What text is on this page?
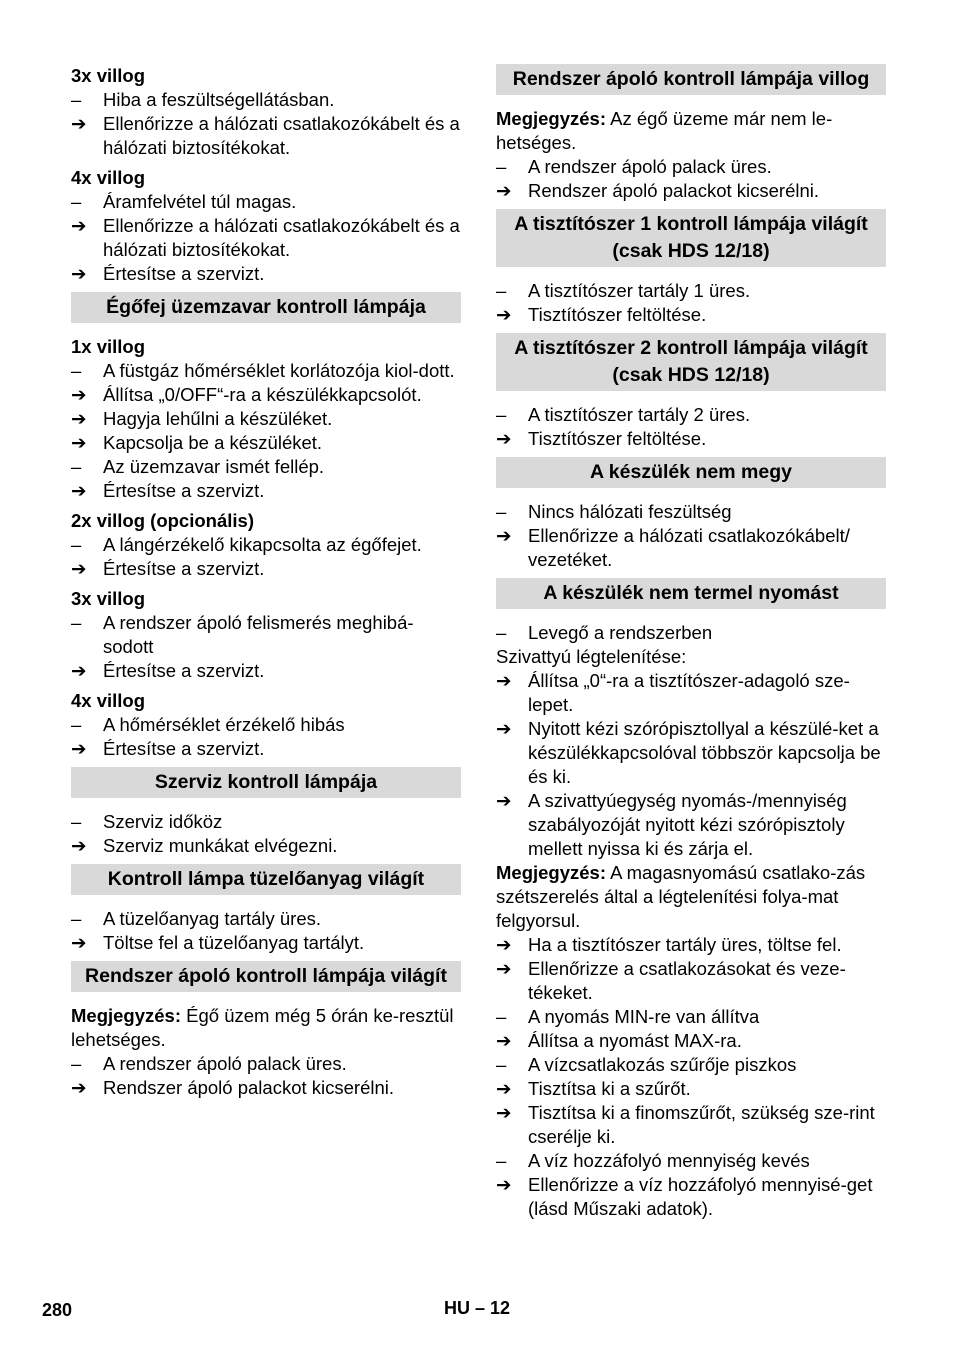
3x villog
–	Hiba a feszültségellátásban.
➔ Ellenőrizze a hálózati csatlakozókábelt és a hálózati biztosítékokat.
4x villog
–	Áramfelvétel túl magas.
➔ Ellenőrizze a hálózati csatlakozókábelt és a hálózati biztosítékokat.
➔ Értesítse a szervizt.
Égőfej üzemzavar kontroll lámpája
1x villog
–	A füstgáz hőmérséklet korlátozója kiol-dott.
➔ Állítsa „0/OFF“-ra a készülékkapcsolót.
➔ Hagyja lehűlni a készüléket.
➔ Kapcsolja be a készüléket.
–	Az üzemzavar ismét fellép.
➔ Értesítse a szervizt.
2x villog (opcionális)
–	A lángérzékelő kikapcsolta az égőfejet.
➔ Értesítse a szervizt.
3x villog
–	A rendszer ápoló felismerés meghibá-sodott
➔ Értesítse a szervizt.
4x villog
–	A hőmérséklet érzékelő hibás
➔ Értesítse a szervizt.
Szerviz kontroll lámpája
–	Szerviz időköz
➔ Szerviz munkákat elvégezni.
Kontroll lámpa tüzelőanyag világít
–	A tüzelőanyag tartály üres.
➔ Töltse fel a tüzelőanyag tartályt.
Rendszer ápoló kontroll lámpája világít
Megjegyzés: Égő üzem még 5 órán ke-resztül lehetséges.
–	A rendszer ápoló palack üres.
➔ Rendszer ápoló palackot kicserélni.
Rendszer ápoló kontroll lámpája villog
Megjegyzés: Az égő üzeme már nem le-hetséges.
–	A rendszer ápoló palack üres.
➔ Rendszer ápoló palackot kicserélni.
A tisztítószer 1 kontroll lámpája világít (csak HDS 12/18)
–	A tisztítószer tartály 1 üres.
➔ Tisztítószer feltöltése.
A tisztítószer 2 kontroll lámpája világít (csak HDS 12/18)
–	A tisztítószer tartály 2 üres.
➔ Tisztítószer feltöltése.
A készülék nem megy
–	Nincs hálózati feszültség
➔ Ellenőrizze a hálózati csatlakozókábelt/ vezetéket.
A készülék nem termel nyomást
–	Levegő a rendszerben
Szivattyú légtelenítése:
➔ Állítsa „0“-ra a tisztítószer-adagoló sze-lepet.
➔ Nyitott kézi szórópisztollyal a készülé-ket a készülékkapcsolóval többször kapcsolja be és ki.
➔ A szivattyúegység nyomás-/mennyiség szabályozóját nyitott kézi szórópisztoly mellett nyissa ki és zárja el.
Megjegyzés: A magasnyomású csatlako-zás szétszerelés által a légtelenítési folya-mat felgyorsul.
➔ Ha a tisztítószer tartály üres, töltse fel.
➔ Ellenőrizze a csatlakozásokat és veze-tékeket.
–	A nyomás MIN-re van állítva
➔ Állítsa a nyomást MAX-ra.
–	A vízcsatlakozás szűrője piszkos
➔ Tisztítsa ki a szűrőt.
➔ Tisztítsa ki a finomszűrőt, szükség sze-rint cserélje ki.
–	A víz hozzáfolyó mennyiség kevés
➔ Ellenőrizze a víz hozzáfolyó mennyisé-get (lásd Műszaki adatok).
280	HU – 12
